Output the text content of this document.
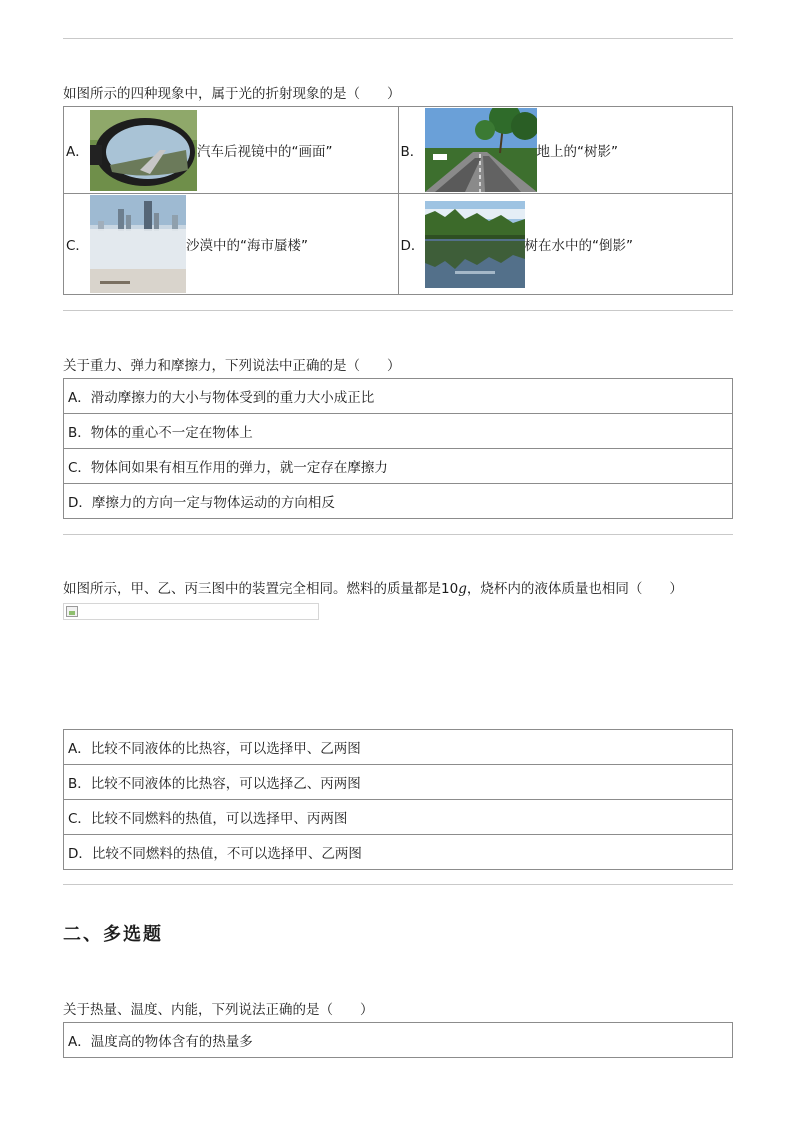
如图所示的四种现象中，属于光的折射现象的是（　　）
A． 汽车后视镜中的“画面”	B． 地上的“树影”

C． 沙漠中的“海市蜃楼”	D． 树在水中的“倒影”
关于重力、弹力和摩擦力，下列说法中正确的是（　　）
A．滑动摩擦力的大小与物体受到的重力大小成正比
B．物体的重心不一定在物体上
C．物体间如果有相互作用的弹力，就一定存在摩擦力
D．摩擦力的方向一定与物体运动的方向相反
如图所示，甲、乙、丙三图中的装置完全相同。燃料的质量都是10g，烧杯内的液体质量也相同（　　）
A．比较不同液体的比热容，可以选择甲、乙两图
B．比较不同液体的比热容，可以选择乙、丙两图
C．比较不同燃料的热值，可以选择甲、丙两图
D．比较不同燃料的热值，不可以选择甲、乙两图
二、多选题
关于热量、温度、内能，下列说法正确的是（　　）
A．温度高的物体含有的热量多
